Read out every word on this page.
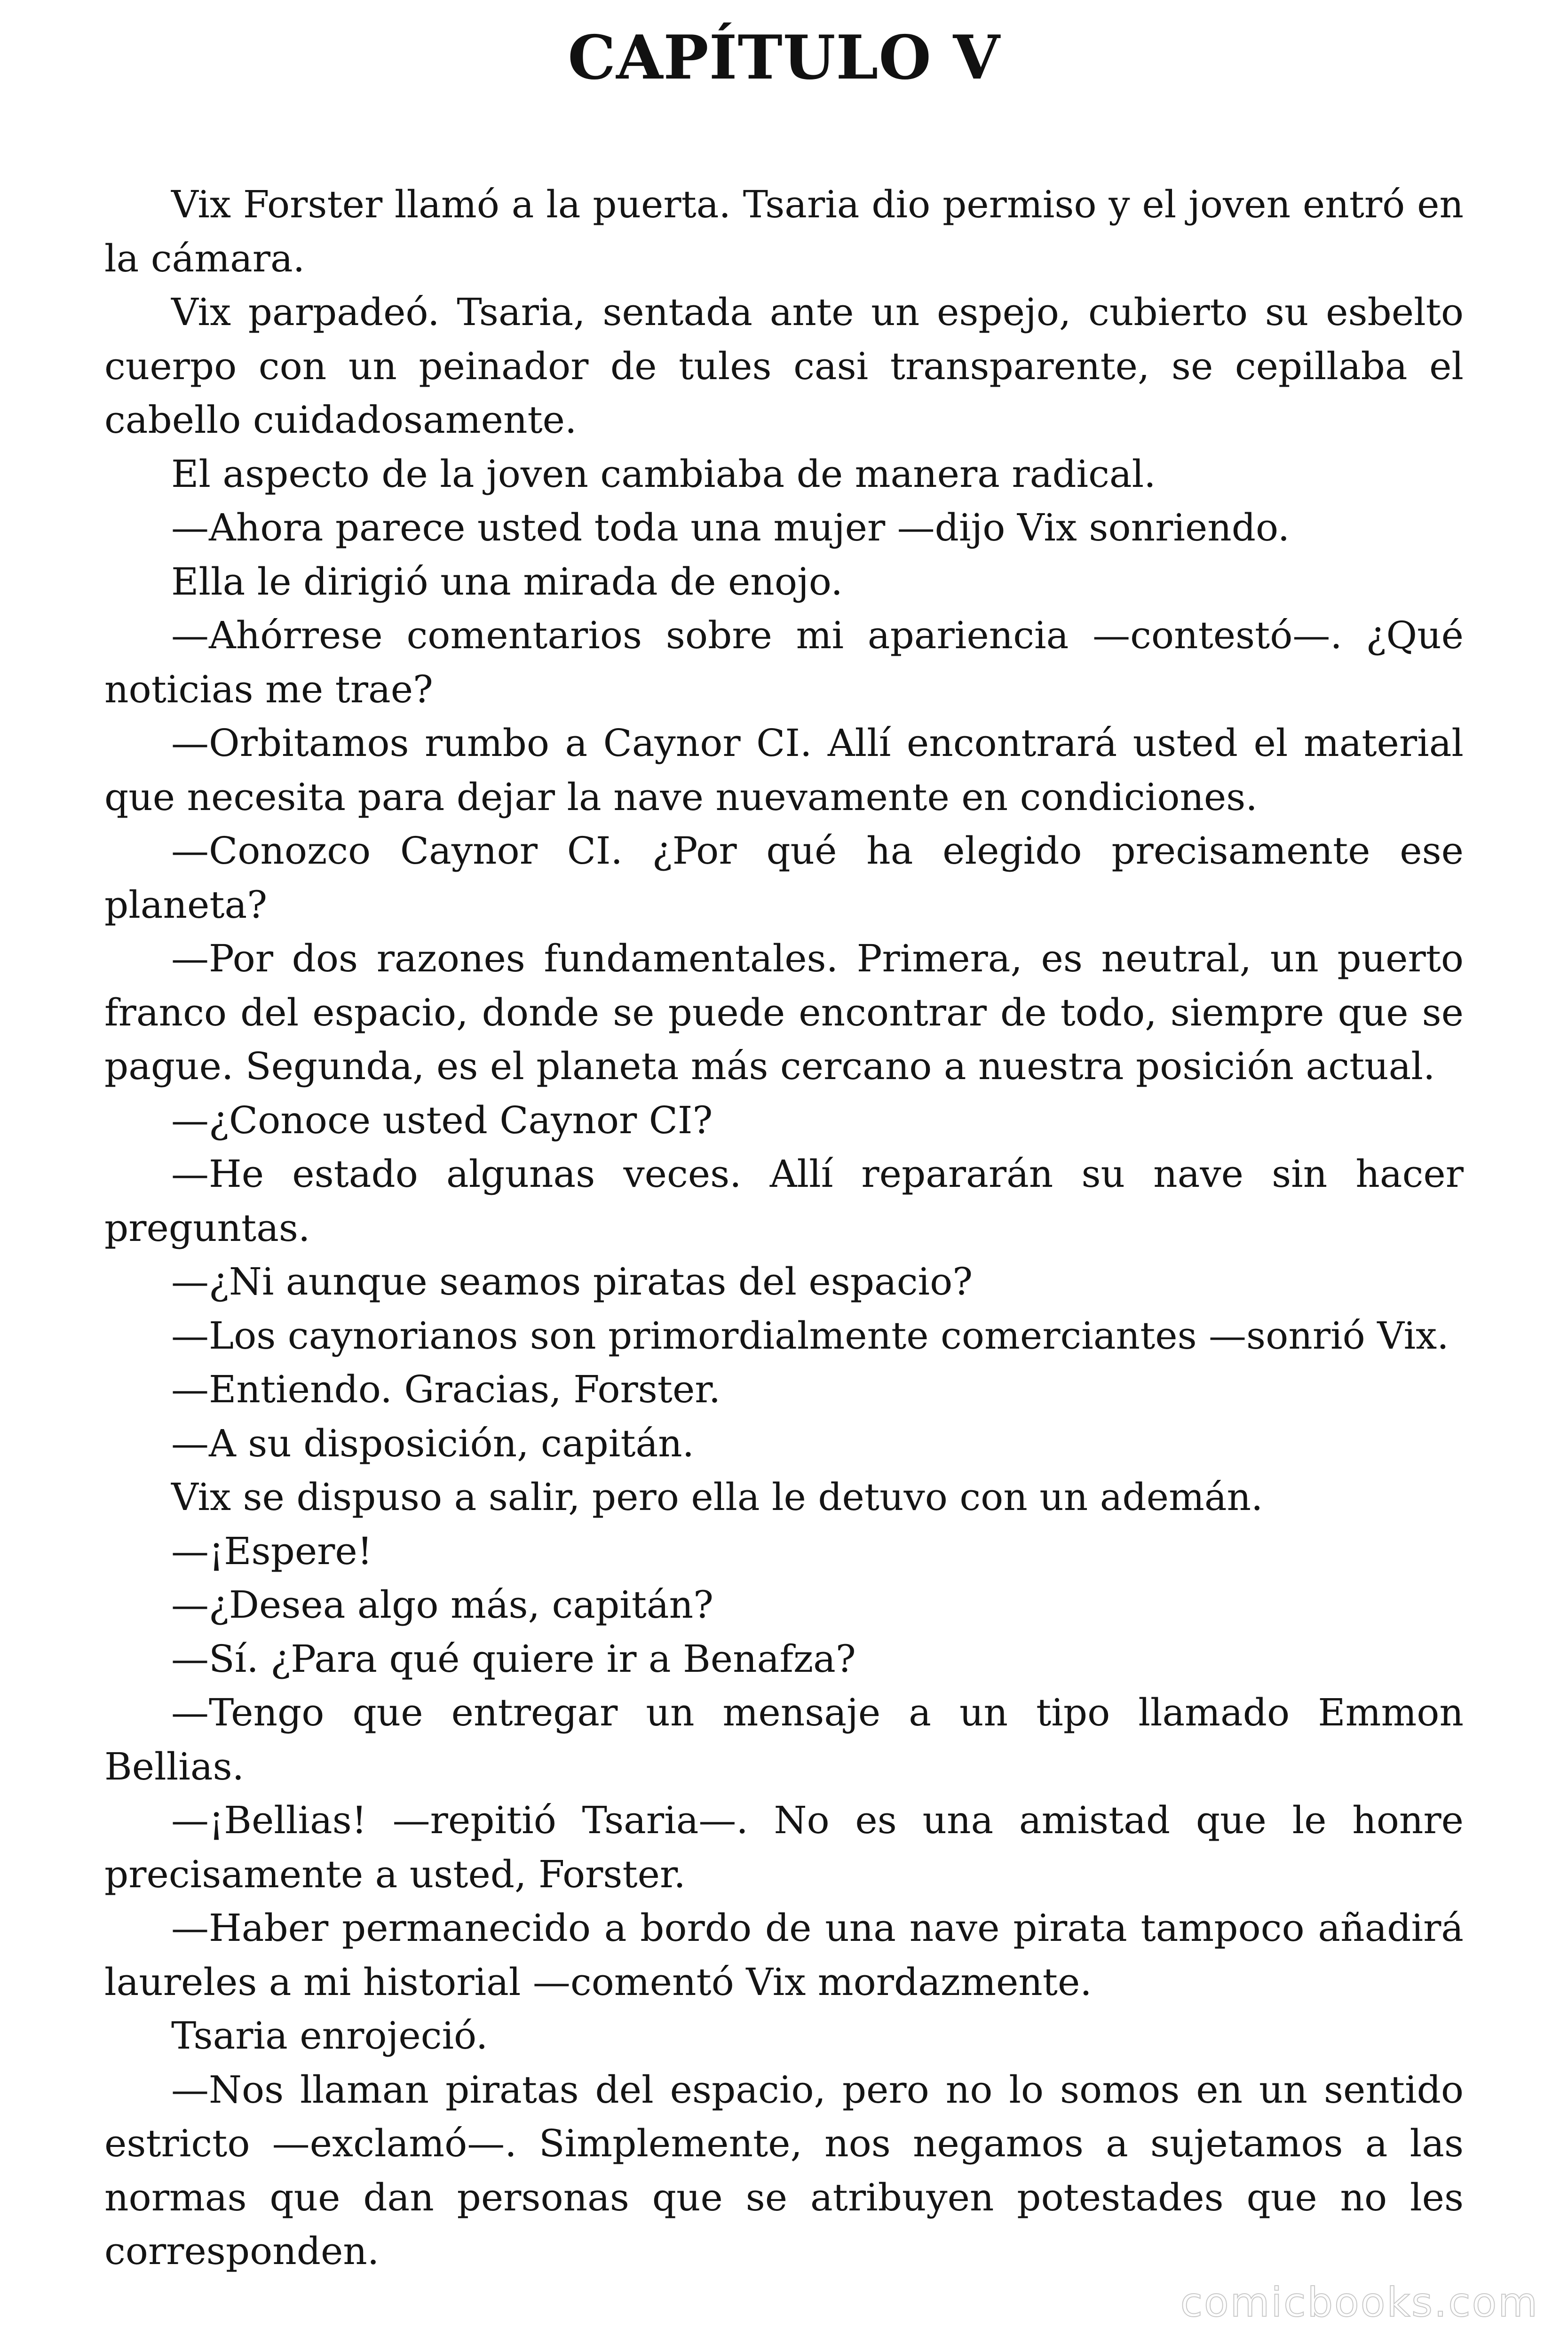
CAPÍTULO V

Vix Forster llamó a la puerta. Tsaria dio permiso y el joven entró en la cámara.

Vix parpadeó. Tsaria, sentada ante un espejo, cubierto su esbelto cuerpo con un peinador de tules casi transparente, se cepillaba el cabello cuidadosamente.

El aspecto de la joven cambiaba de manera radical.

—Ahora parece usted toda una mujer —dijo Vix sonriendo.

Ella le dirigió una mirada de enojo.

—Ahórrese comentarios sobre mi apariencia —contestó—. ¿Qué noticias me trae?

—Orbitamos rumbo a Caynor CI. Allí encontrará usted el material que necesita para dejar la nave nuevamente en condiciones.

—Conozco Caynor CI. ¿Por qué ha elegido precisamente ese planeta?

—Por dos razones fundamentales. Primera, es neutral, un puerto franco del espacio, donde se puede encontrar de todo, siempre que se pague. Segunda, es el planeta más cercano a nuestra posición actual.

—¿Conoce usted Caynor CI?

—He estado algunas veces. Allí repararán su nave sin hacer preguntas.

—¿Ni aunque seamos piratas del espacio?

—Los caynorianos son primordialmente comerciantes —sonrió Vix.

—Entiendo. Gracias, Forster.

—A su disposición, capitán.

Vix se dispuso a salir, pero ella le detuvo con un ademán.

—¡Espere!

—¿Desea algo más, capitán?

—Sí. ¿Para qué quiere ir a Benafza?

—Tengo que entregar un mensaje a un tipo llamado Emmon Bellias.

—¡Bellias! —repitió Tsaria—. No es una amistad que le honre precisamente a usted, Forster.

—Haber permanecido a bordo de una nave pirata tampoco añadirá laureles a mi historial —comentó Vix mordazmente.

Tsaria enrojeció.

—Nos llaman piratas del espacio, pero no lo somos en un sentido estricto —exclamó—. Simplemente, nos negamos a sujetamos a las normas que dan personas que se atribuyen potestades que no les corresponden.

comicbooks.com
